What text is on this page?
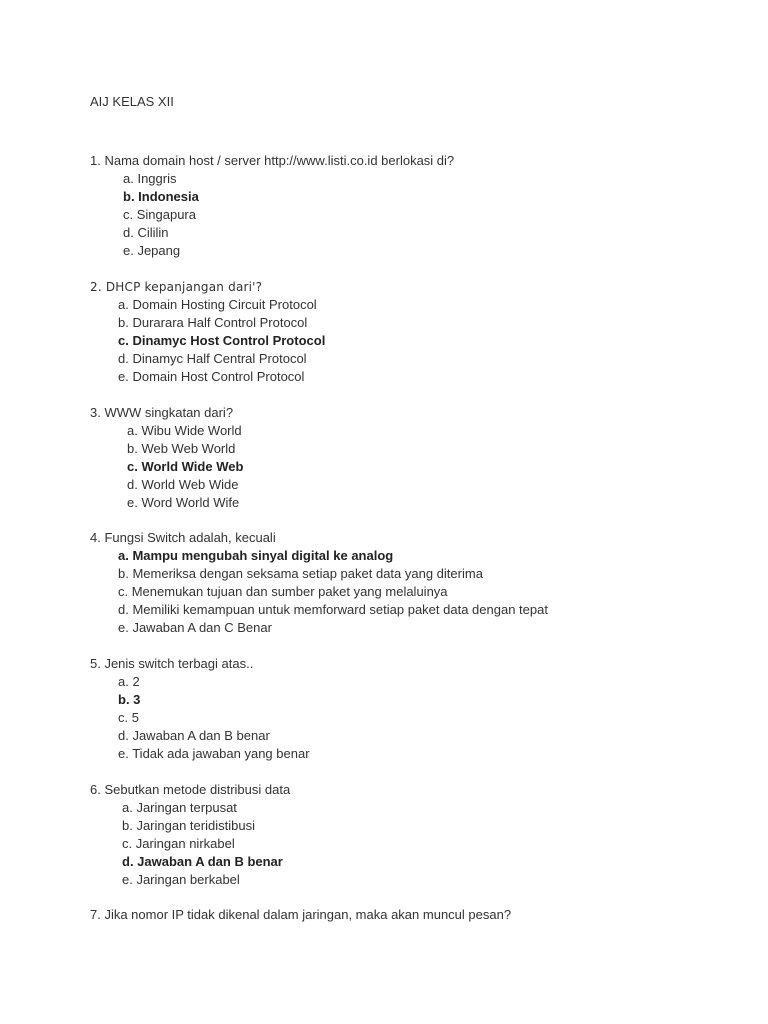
AIJ KELAS XII
1. Nama domain host / server http://www.listi.co.id berlokasi di?
a. Inggris
b. Indonesia
c. Singapura
d. Cililin
e. Jepang
2. DHCP kepanjangan dari'?
a. Domain Hosting Circuit Protocol
b. Durarara Half Control Protocol
c. Dinamyc Host Control Protocol
d. Dinamyc Half Central Protocol
e. Domain Host Control Protocol
3. WWW singkatan dari?
a. Wibu Wide World
b. Web Web World
c. World Wide Web
d. World Web Wide
e. Word World Wife
4. Fungsi Switch adalah, kecuali
a. Mampu mengubah sinyal digital ke analog
b. Memeriksa dengan seksama setiap paket data yang diterima
c. Menemukan tujuan dan sumber paket yang melaluinya
d. Memiliki kemampuan untuk memforward setiap paket data dengan tepat
e. Jawaban A dan C Benar
5. Jenis switch terbagi atas..
a. 2
b. 3
c. 5
d. Jawaban A dan B benar
e. Tidak ada jawaban yang benar
6. Sebutkan metode distribusi data
a. Jaringan terpusat
b. Jaringan teridistibusi
c. Jaringan nirkabel
d. Jawaban A dan B benar
e. Jaringan berkabel
7. Jika nomor IP tidak dikenal dalam jaringan, maka akan muncul pesan?
